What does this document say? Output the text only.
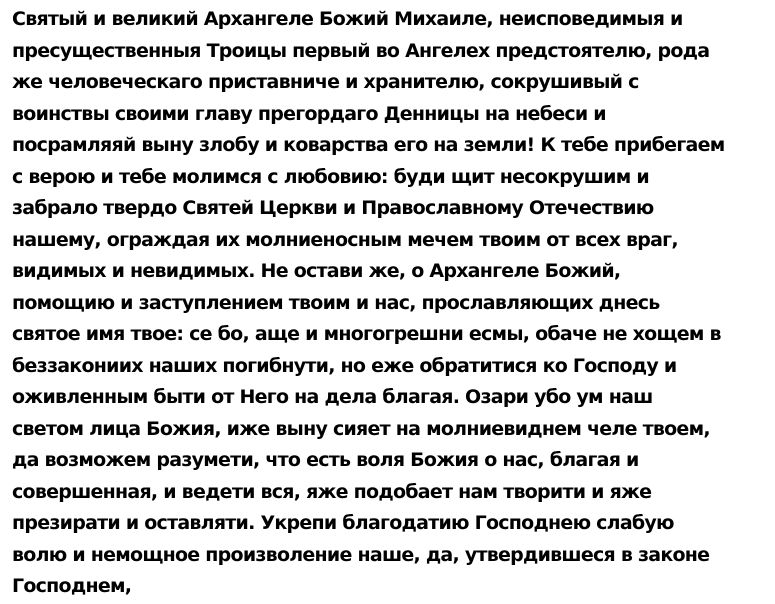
Святый и великий Архангеле Божий Михаиле, неисповедимыя и
пресущественныя Троицы первый во Ангелех предстоятелю, рода
же человеческаго приставниче и хранителю, сокрушивый с
воинствы своими главу прегордаго Денницы на небеси и
посрамляяй выну злобу и коварства его на земли! К тебе прибегаем
с верою и тебе молимся с любовию: буди щит несокрушим и
забрало твердо Святей Церкви и Православному Отечествию
нашему, ограждая их молниеносным мечем твоим от всех враг,
видимых и невидимых. Не остави же, о Архангеле Божий,
помощию и заступлением твоим и нас, прославляющих днесь
святое имя твое: се бо, аще и многогрешни есмы, обаче не хощем в
беззакониих наших погибнути, но еже обратитися ко Господу и
оживленным быти от Него на дела благая. Озари убо ум наш
светом лица Божия, иже выну сияет на молниевиднем челе твоем,
да возможем разумети, что есть воля Божия о нас, благая и
совершенная, и ведети вся, яже подобает нам творити и яже
презирати и оставляти. Укрепи благодатию Господнею слабую
волю и немощное произволение наше, да, утвердившеся в законе
Господнем,
